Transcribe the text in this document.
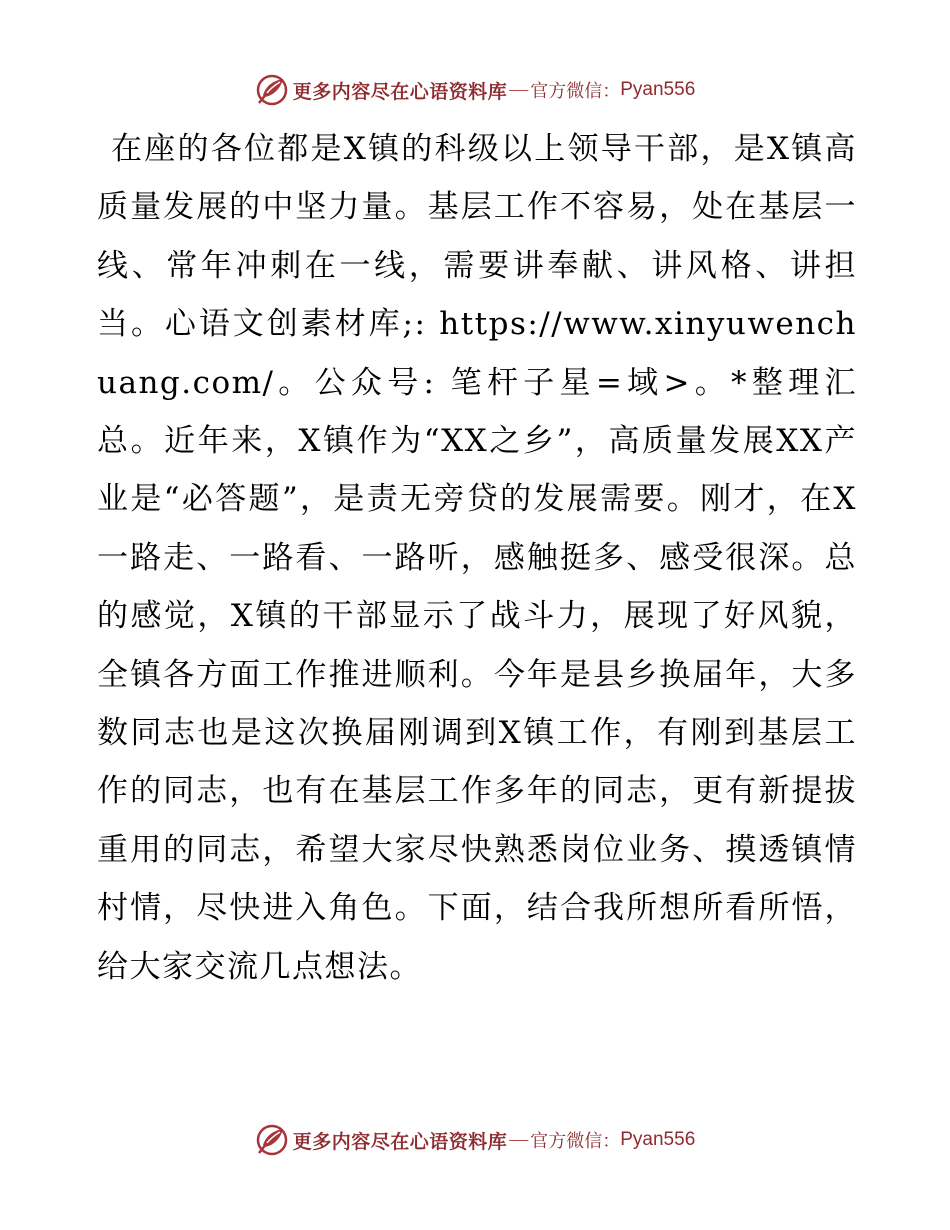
更多内容尽在心语资料库 — 官方微信： Pyan556
在座的各位都是X镇的科级以上领导干部，是X镇高质量发展的中坚力量。基层工作不容易，处在基层一线、常年冲刺在一线，需要讲奉献、讲风格、讲担当。心语文创素材库;: https://www.xinyuwenchuang.com/。公众号: 笔杆子星=域>。*整理汇总。近年来，X镇作为“XX之乡”，高质量发展XX产业是“必答题”，是责无旁贷的发展需要。刚才，在X一路走、一路看、一路听，感触挺多、感受很深。总的感觉，X镇的干部显示了战斗力，展现了好风貌，全镇各方面工作推进顺利。今年是县乡换届年，大多数同志也是这次换届刚调到X镇工作，有刚到基层工作的同志，也有在基层工作多年的同志，更有新提拔重用的同志，希望大家尽快熟悉岗位业务、摸透镇情村情，尽快进入角色。下面，结合我所想所看所悟，给大家交流几点想法。
更多内容尽在心语资料库 — 官方微信： Pyan556
